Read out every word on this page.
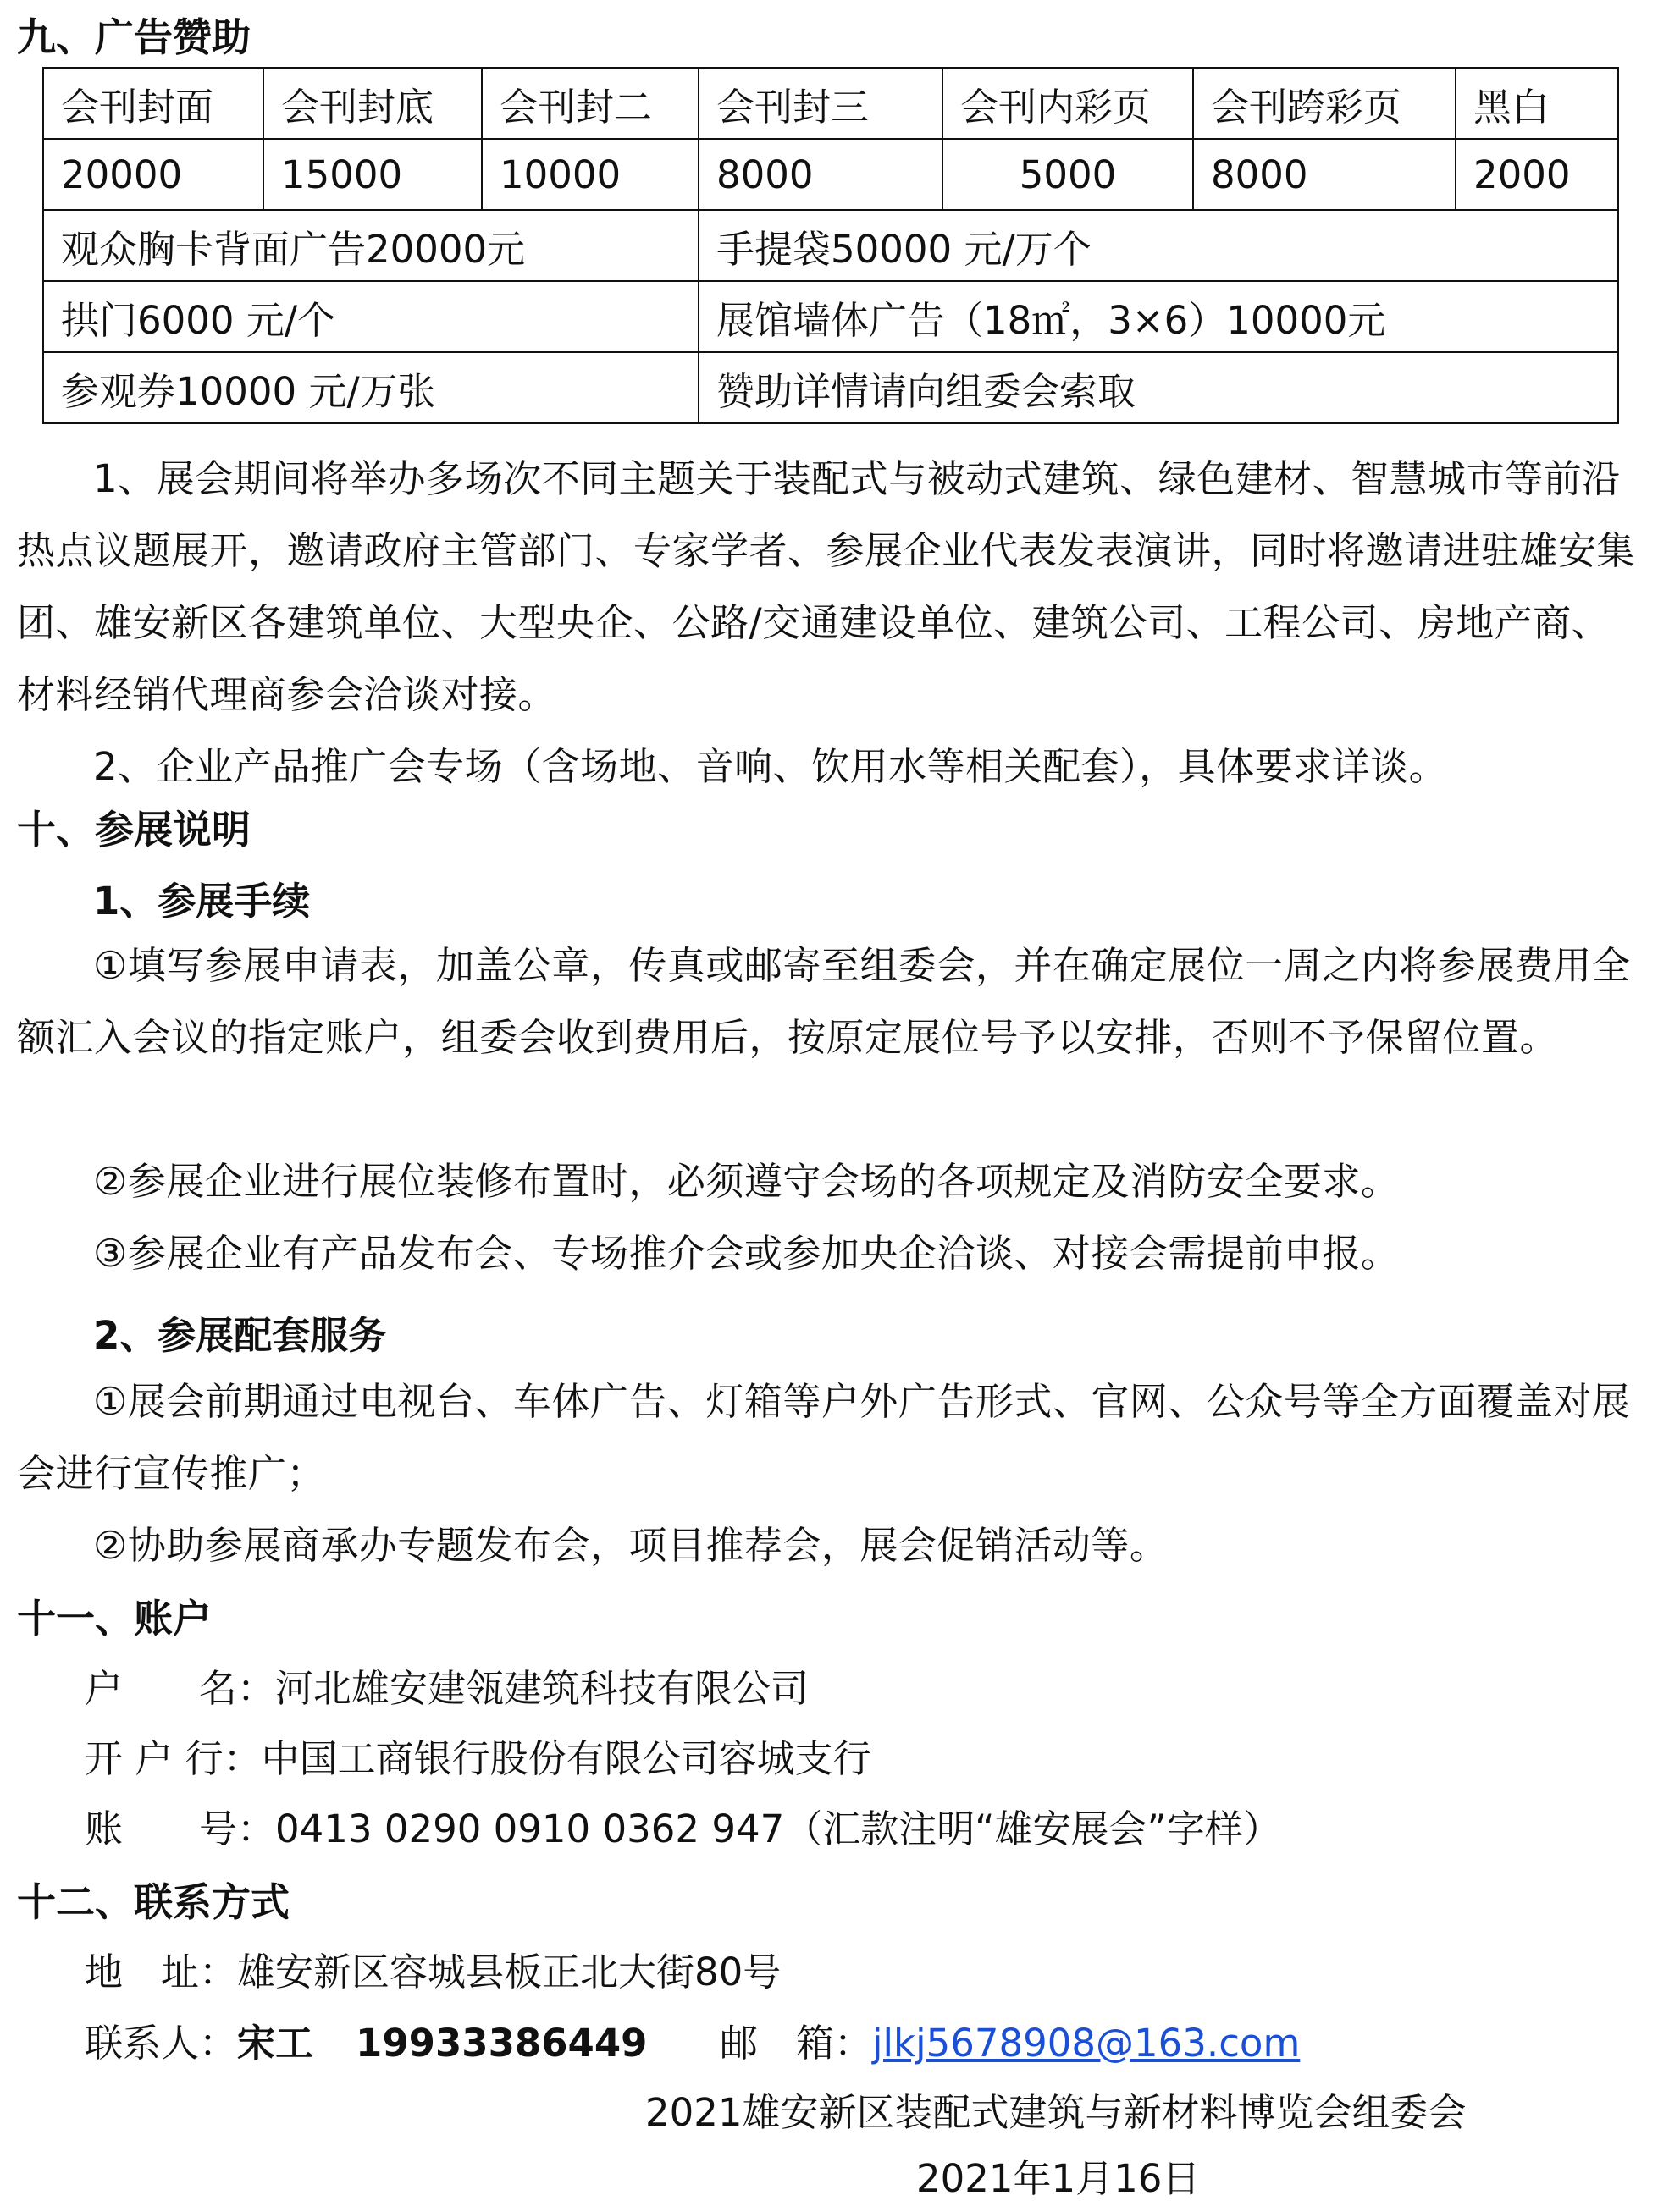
九、广告赞助
会刊封面	会刊封底	会刊封二	会刊封三	会刊内彩页	会刊跨彩页	黑白
20000	15000	10000	8000	5000	8000	2000
观众胸卡背面广告20000元			手提袋50000 元/万个			
拱门6000 元/个			展馆墙体广告（18㎡，3×6）10000元			
参观券10000 元/万张			赞助详情请向组委会索取			
1、展会期间将举办多场次不同主题关于装配式与被动式建筑、绿色建材、智慧城市等前沿热点议题展开，邀请政府主管部门、专家学者、参展企业代表发表演讲，同时将邀请进驻雄安集团、雄安新区各建筑单位、大型央企、公路/交通建设单位、建筑公司、工程公司、房地产商、材料经销代理商参会洽谈对接。
2、企业产品推广会专场（含场地、音响、饮用水等相关配套），具体要求详谈。
十、参展说明
1、参展手续
①填写参展申请表，加盖公章，传真或邮寄至组委会，并在确定展位一周之内将参展费用全额汇入会议的指定账户，组委会收到费用后，按原定展位号予以安排，否则不予保留位置。
②参展企业进行展位装修布置时，必须遵守会场的各项规定及消防安全要求。
③参展企业有产品发布会、专场推介会或参加央企洽谈、对接会需提前申报。
2、参展配套服务
①展会前期通过电视台、车体广告、灯箱等户外广告形式、官网、公众号等全方面覆盖对展会进行宣传推广；
②协助参展商承办专题发布会，项目推荐会，展会促销活动等。
十一、账户
户　　名：河北雄安建瓴建筑科技有限公司
开 户 行：中国工商银行股份有限公司容城支行
账　　号：0413 0290 0910 0362 947（汇款注明“雄安展会”字样）
十二、联系方式
地　址：雄安新区容城县板正北大街80号
联系人：宋工 19933386449 邮　箱：jlkj5678908@163.com
2021雄安新区装配式建筑与新材料博览会组委会
2021年1月16日
